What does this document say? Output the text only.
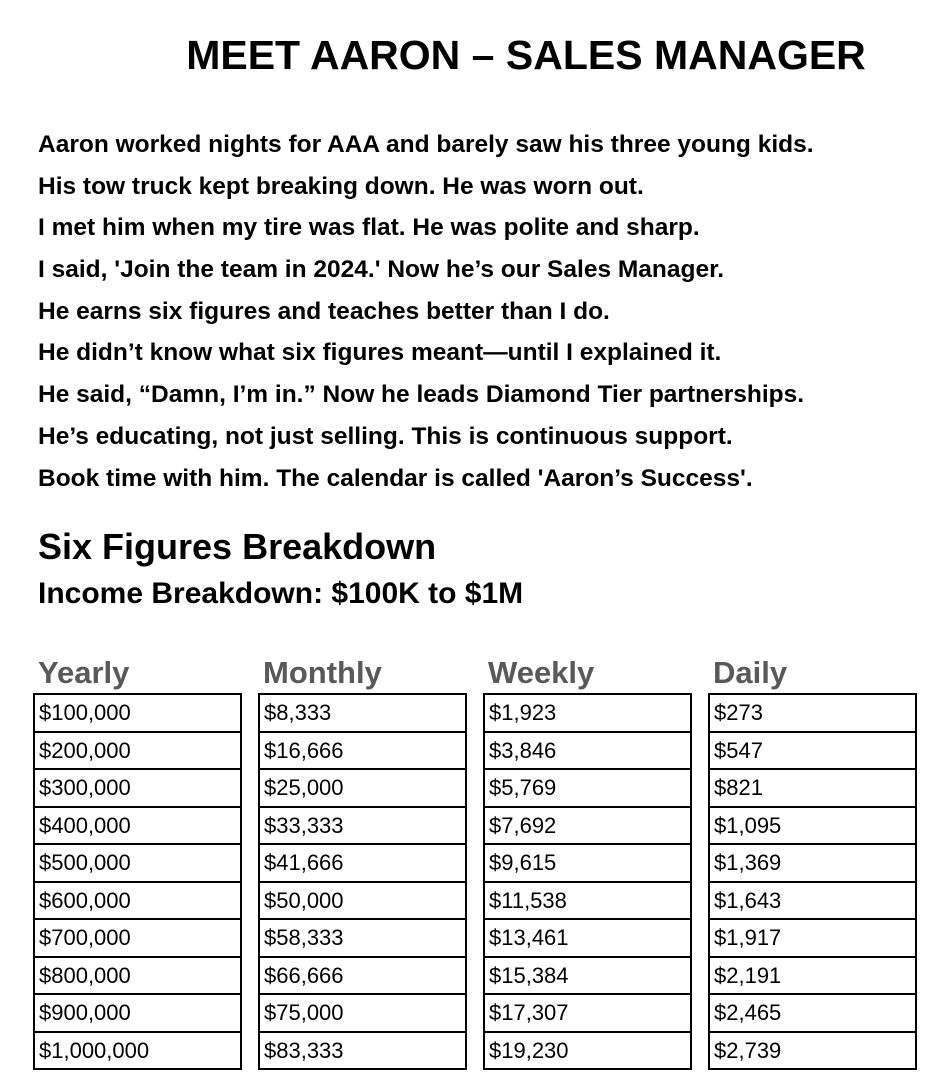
MEET AARON – SALES MANAGER
Aaron worked nights for AAA and barely saw his three young kids.
His tow truck kept breaking down. He was worn out.
I met him when my tire was flat. He was polite and sharp.
I said, 'Join the team in 2024.' Now he’s our Sales Manager.
He earns six figures and teaches better than I do.
He didn’t know what six figures meant—until I explained it.
He said, “Damn, I’m in.” Now he leads Diamond Tier partnerships.
He’s educating, not just selling. This is continuous support.
Book time with him. The calendar is called 'Aaron’s Success'.
Six Figures Breakdown
Income Breakdown: $100K to $1M
Yearly
$100,000
$200,000
$300,000
$400,000
$500,000
$600,000
$700,000
$800,000
$900,000
$1,000,000
Monthly
$8,333
$16,666
$25,000
$33,333
$41,666
$50,000
$58,333
$66,666
$75,000
$83,333
Weekly
$1,923
$3,846
$5,769
$7,692
$9,615
$11,538
$13,461
$15,384
$17,307
$19,230
Daily
$273
$547
$821
$1,095
$1,369
$1,643
$1,917
$2,191
$2,465
$2,739
